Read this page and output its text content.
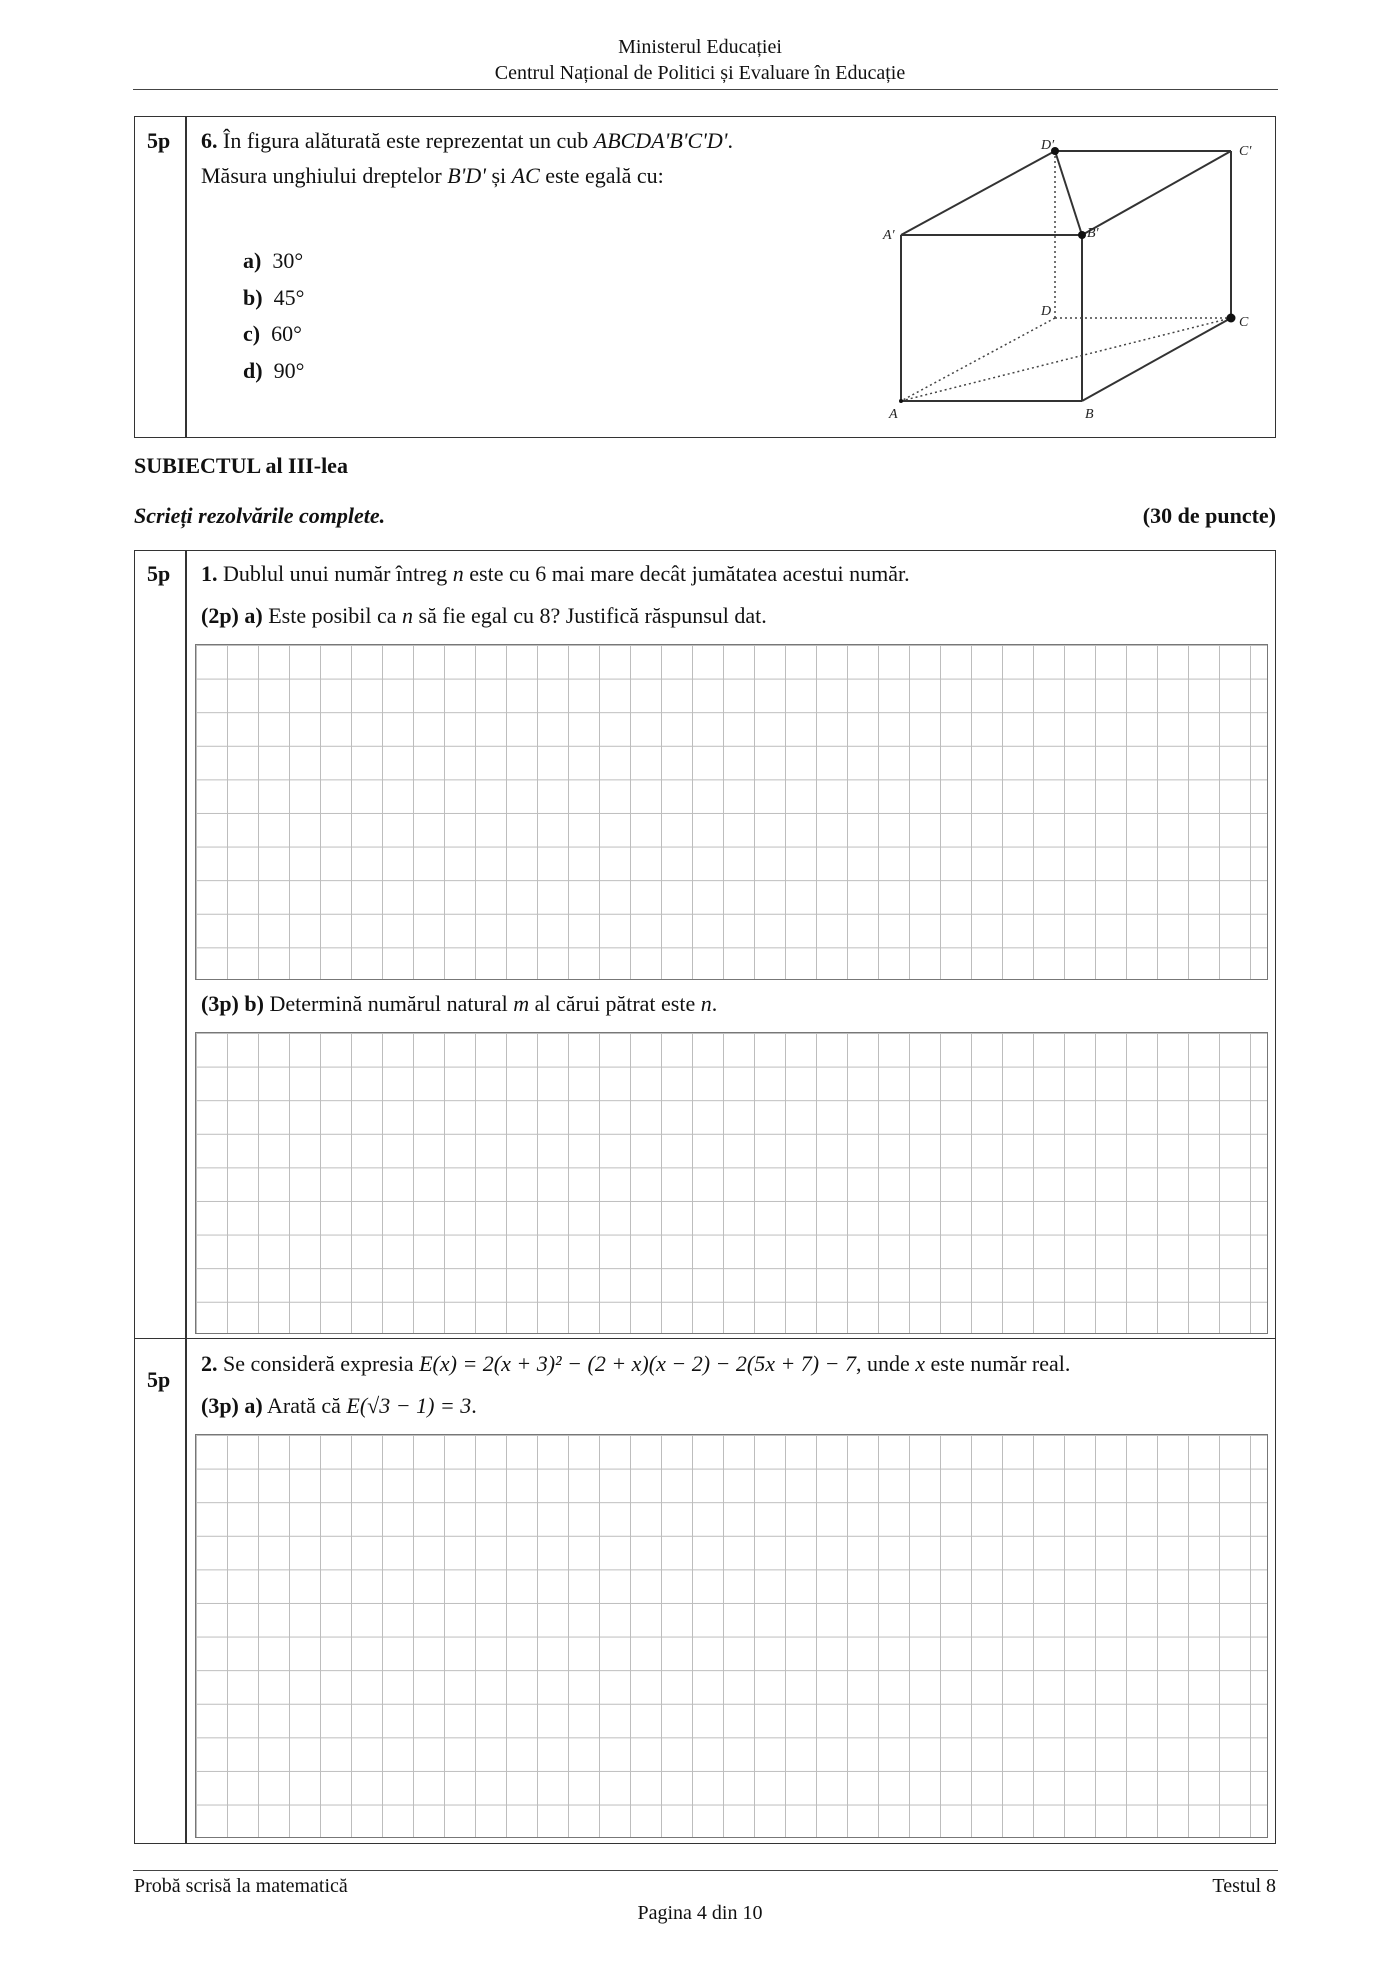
Ministerul Educației
Centrul Național de Politici și Evaluare în Educație
5p 6. În figura alăturată este reprezentat un cub ABCDA'B'C'D'.
Măsura unghiului dreptelor B'D' și AC este egală cu:
a) 30°
b) 45°
c) 60°
d) 90°
D′	C′
A′	B′
D
C
A	B
SUBIECTUL al III-lea
Scrieți rezolvările complete.	(30 de puncte)
5p 1. Dublul unui număr întreg n este cu 6 mai mare decât jumătatea acestui număr.
(2p) a) Este posibil ca n să fie egal cu 8? Justifică răspunsul dat.
(3p) b) Determină numărul natural m al cărui pătrat este n.
5p
2. Se consideră expresia E(x) = 2(x + 3)² − (2 + x)(x − 2) − 2(5x + 7) − 7, unde x este număr real.
(3p) a) Arată că E(√3 − 1) = 3.
Probă scrisă la matematică	Testul 8
Pagina 4 din 10
